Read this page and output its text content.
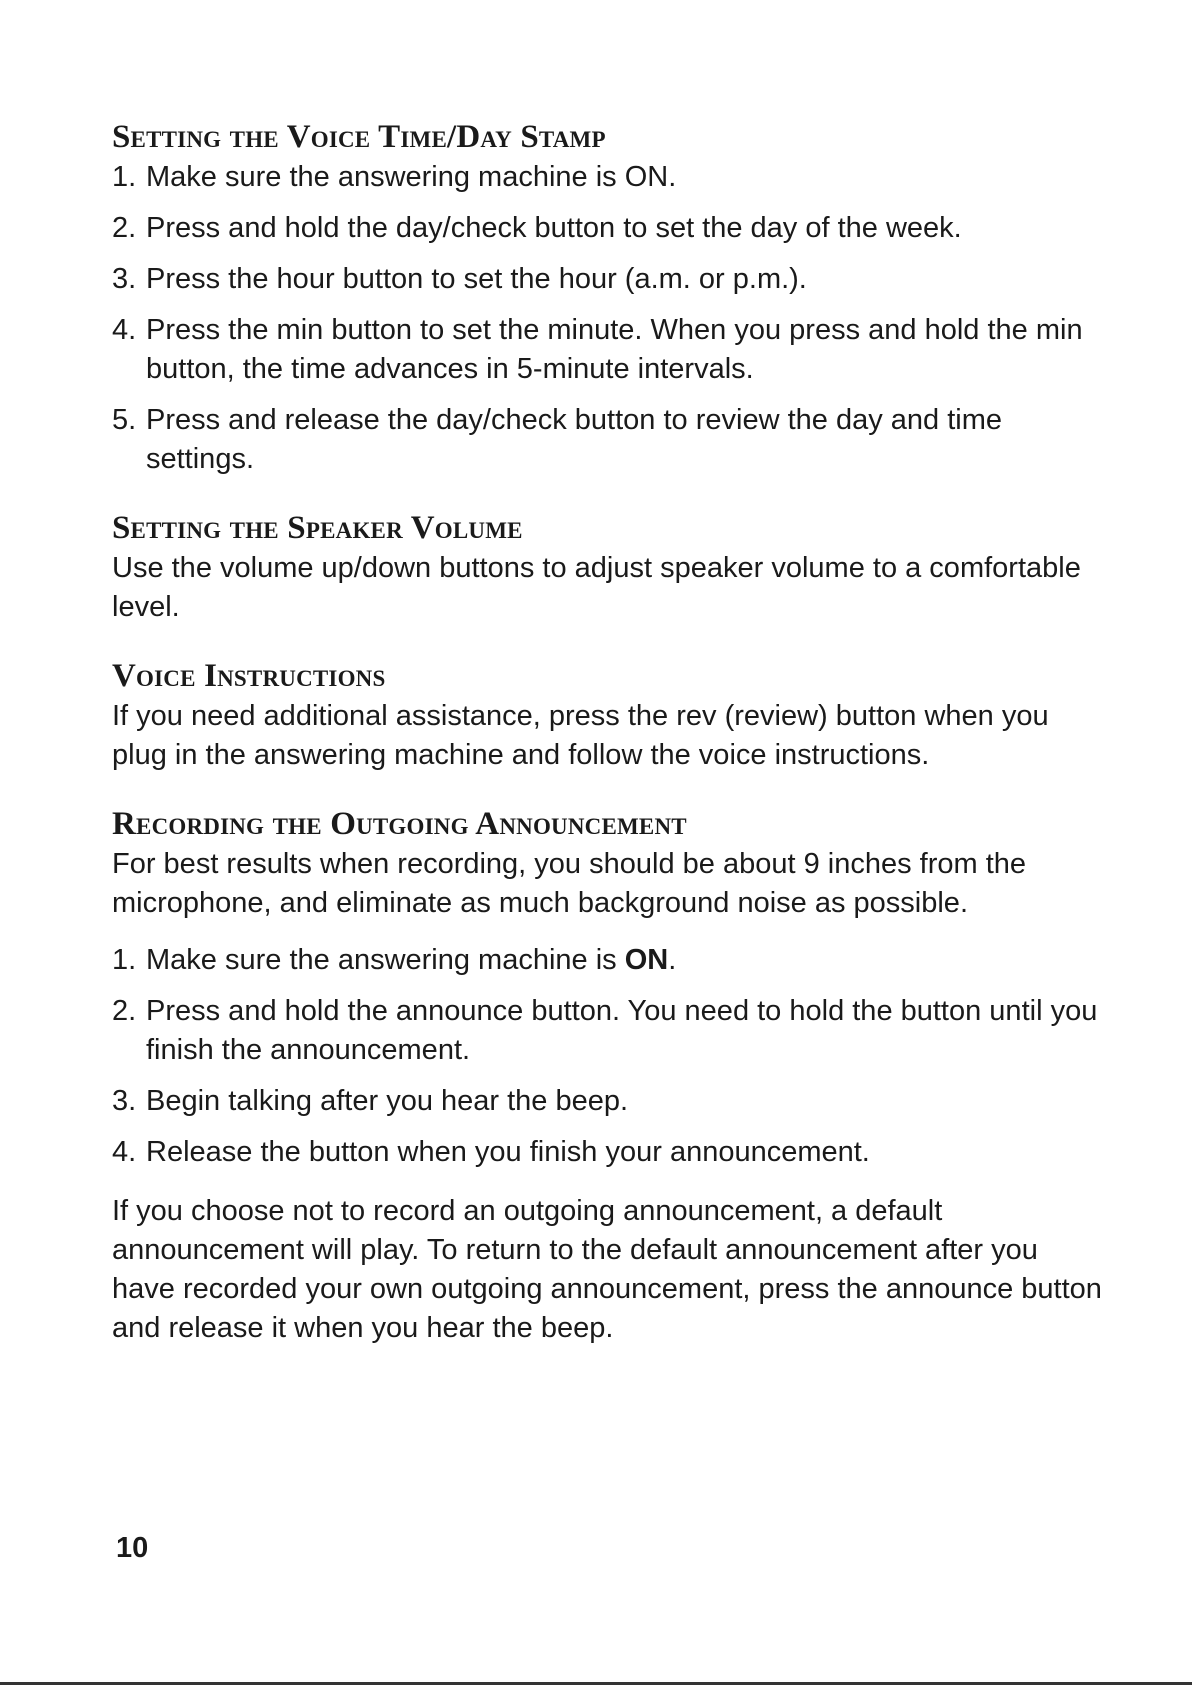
Setting the Voice Time/Day Stamp
1. Make sure the answering machine is ON.
2. Press and hold the day/check button to set the day of the week.
3. Press the hour button to set the hour (a.m. or p.m.).
4. Press the min button to set the minute. When you press and hold the min button, the time advances in 5-minute intervals.
5. Press and release the day/check button to review the day and time settings.
Setting the Speaker Volume

Use the volume up/down buttons to adjust speaker volume to a comfortable level.

Voice Instructions

If you need additional assistance, press the rev (review) button when you plug in the answering machine and follow the voice instructions.

Recording the Outgoing Announcement

For best results when recording, you should be about 9 inches from the microphone, and eliminate as much background noise as possible.

1. Make sure the answering machine is ON.
2. Press and hold the announce button. You need to hold the button until you finish the announcement.
3. Begin talking after you hear the beep.
4. Release the button when you finish your announcement.

If you choose not to record an outgoing announcement, a default announcement will play. To return to the default announcement after you have recorded your own outgoing announcement, press the announce button and release it when you hear the beep.

10
